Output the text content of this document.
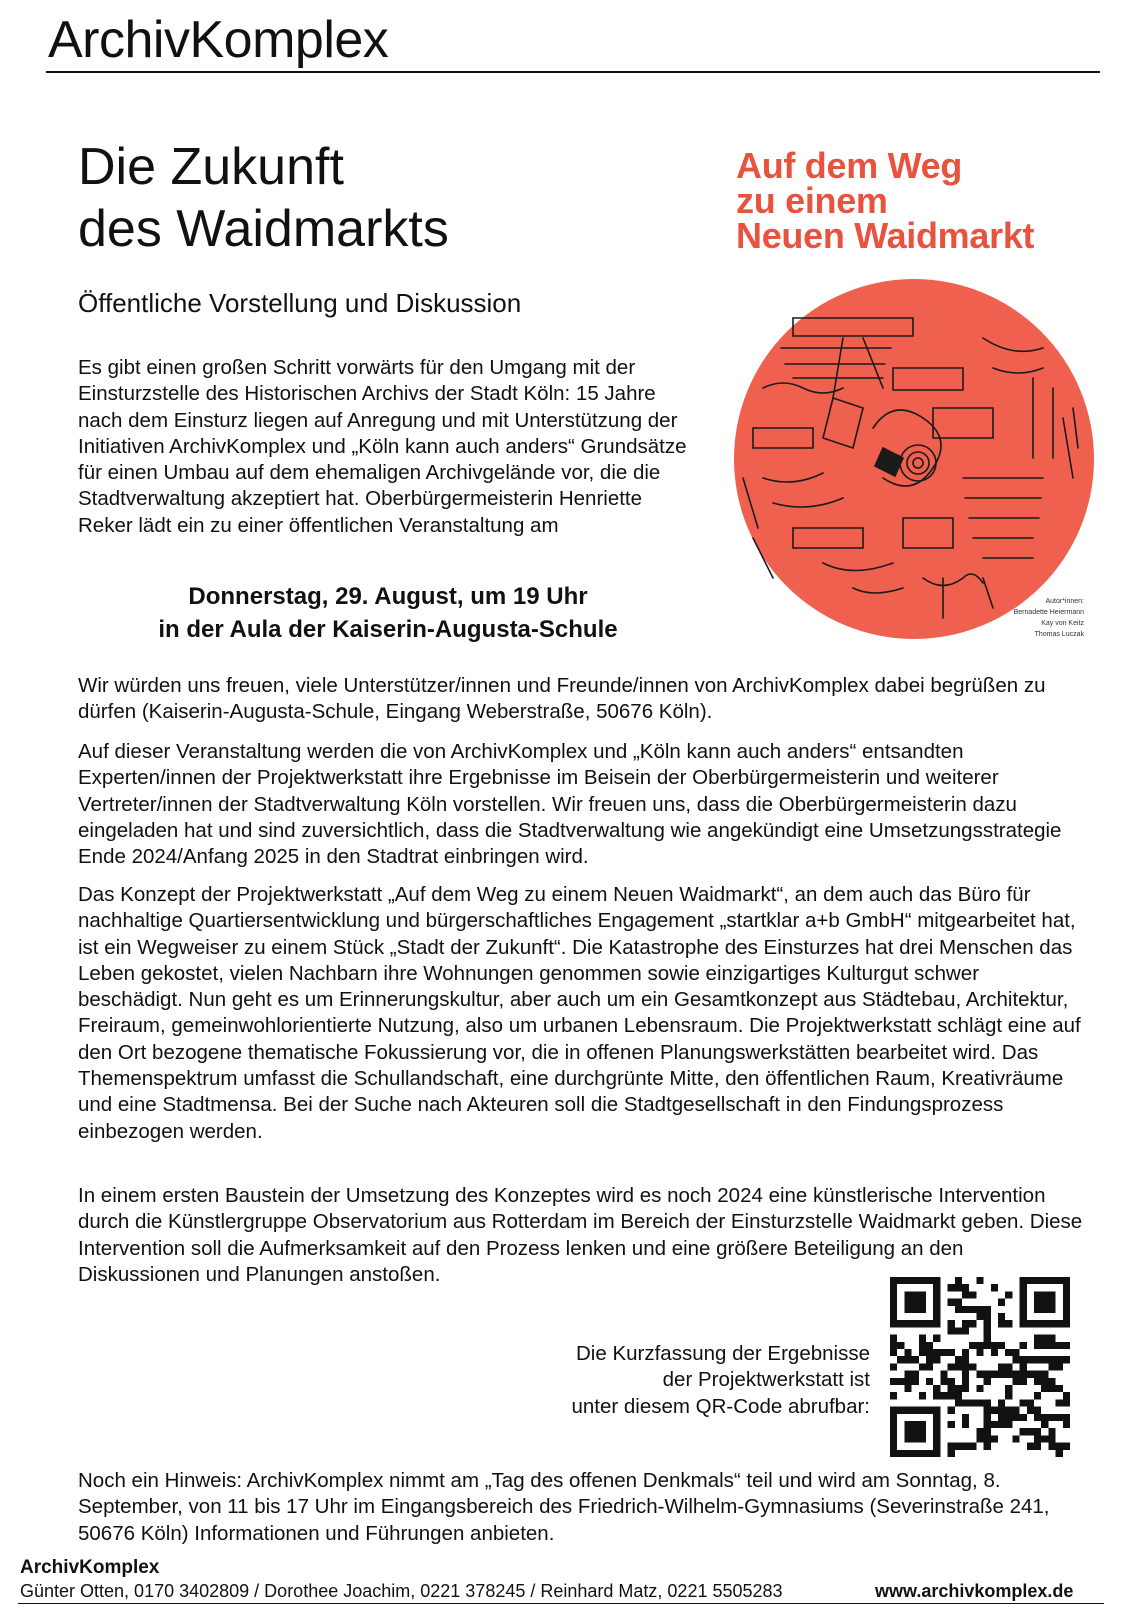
ArchivKomplex
Die Zukunft
des Waidmarkts
Öffentliche Vorstellung und Diskussion
Es gibt einen großen Schritt vorwärts für den Umgang mit der Einsturzstelle des Historischen Archivs der Stadt Köln: 15 Jahre nach dem Einsturz liegen auf Anregung und mit Unterstützung der Initiativen ArchivKomplex und „Köln kann auch anders“ Grundsätze für einen Umbau auf dem ehemaligen Archivgelände vor, die die Stadtverwaltung akzeptiert hat. Oberbürgermeisterin Henriette Reker lädt ein zu einer öffentlichen Veranstaltung am
Donnerstag, 29. August, um 19 Uhr
in der Aula der Kaiserin-Augusta-Schule
Auf dem Weg
zu einem
Neuen Waidmarkt
Autor*innen:
Bernadette Heiermann
Kay von Keitz
Thomas Luczak
Wir würden uns freuen, viele Unterstützer/innen und Freunde/innen von ArchivKomplex dabei begrüßen zu dürfen (Kaiserin-Augusta-Schule, Eingang Weberstraße, 50676 Köln).
Auf dieser Veranstaltung werden die von ArchivKomplex und „Köln kann auch anders“ entsandten Experten/innen der Projektwerkstatt ihre Ergebnisse im Beisein der Oberbürgermeisterin und weiterer Vertreter/innen der Stadtverwaltung Köln vorstellen. Wir freuen uns, dass die Oberbürgermeisterin dazu eingeladen hat und sind zuversichtlich, dass die Stadtverwaltung wie angekündigt eine Umsetzungsstrategie Ende 2024/Anfang 2025 in den Stadtrat einbringen wird.
Das Konzept der Projektwerkstatt „Auf dem Weg zu einem Neuen Waidmarkt“, an dem auch das Büro für nachhaltige Quartiersentwicklung und bürgerschaftliches Engagement „startklar a+b GmbH“ mitgearbeitet hat, ist ein Wegweiser zu einem Stück „Stadt der Zukunft“. Die Katastrophe des Einsturzes hat drei Menschen das Leben gekostet, vielen Nachbarn ihre Wohnungen genommen sowie einzigartiges Kulturgut schwer beschädigt. Nun geht es um Erinnerungskultur, aber auch um ein Gesamtkonzept aus Städtebau, Architektur, Freiraum, gemeinwohlorientierte Nutzung, also um urbanen Lebensraum. Die Projektwerkstatt schlägt eine auf den Ort bezogene thematische Fokussierung vor, die in offenen Planungswerkstätten bearbeitet wird. Das Themenspektrum umfasst die Schullandschaft, eine durchgrünte Mitte, den öffentlichen Raum, Kreativräume und eine Stadtmensa. Bei der Suche nach Akteuren soll die Stadtgesellschaft in den Findungsprozess einbezogen werden.
In einem ersten Baustein der Umsetzung des Konzeptes wird es noch 2024 eine künstlerische Intervention durch die Künstlergruppe Observatorium aus Rotterdam im Bereich der Einsturzstelle Waidmarkt geben. Diese Intervention soll die Aufmerksamkeit auf den Prozess lenken und eine größere Beteiligung an den Diskussionen und Planungen anstoßen.
Die Kurzfassung der Ergebnisse
der Projektwerkstatt ist
unter diesem QR-Code abrufbar:
Noch ein Hinweis: ArchivKomplex nimmt am „Tag des offenen Denkmals“ teil und wird am Sonntag, 8. September, von 11 bis 17 Uhr im Eingangsbereich des Friedrich-Wilhelm-Gymnasiums (Severinstraße 241, 50676 Köln) Informationen und Führungen anbieten.
ArchivKomplex
Günter Otten, 0170 3402809 / Dorothee Joachim, 0221 378245 / Reinhard Matz, 0221 5505283	www.archivkomplex.de
